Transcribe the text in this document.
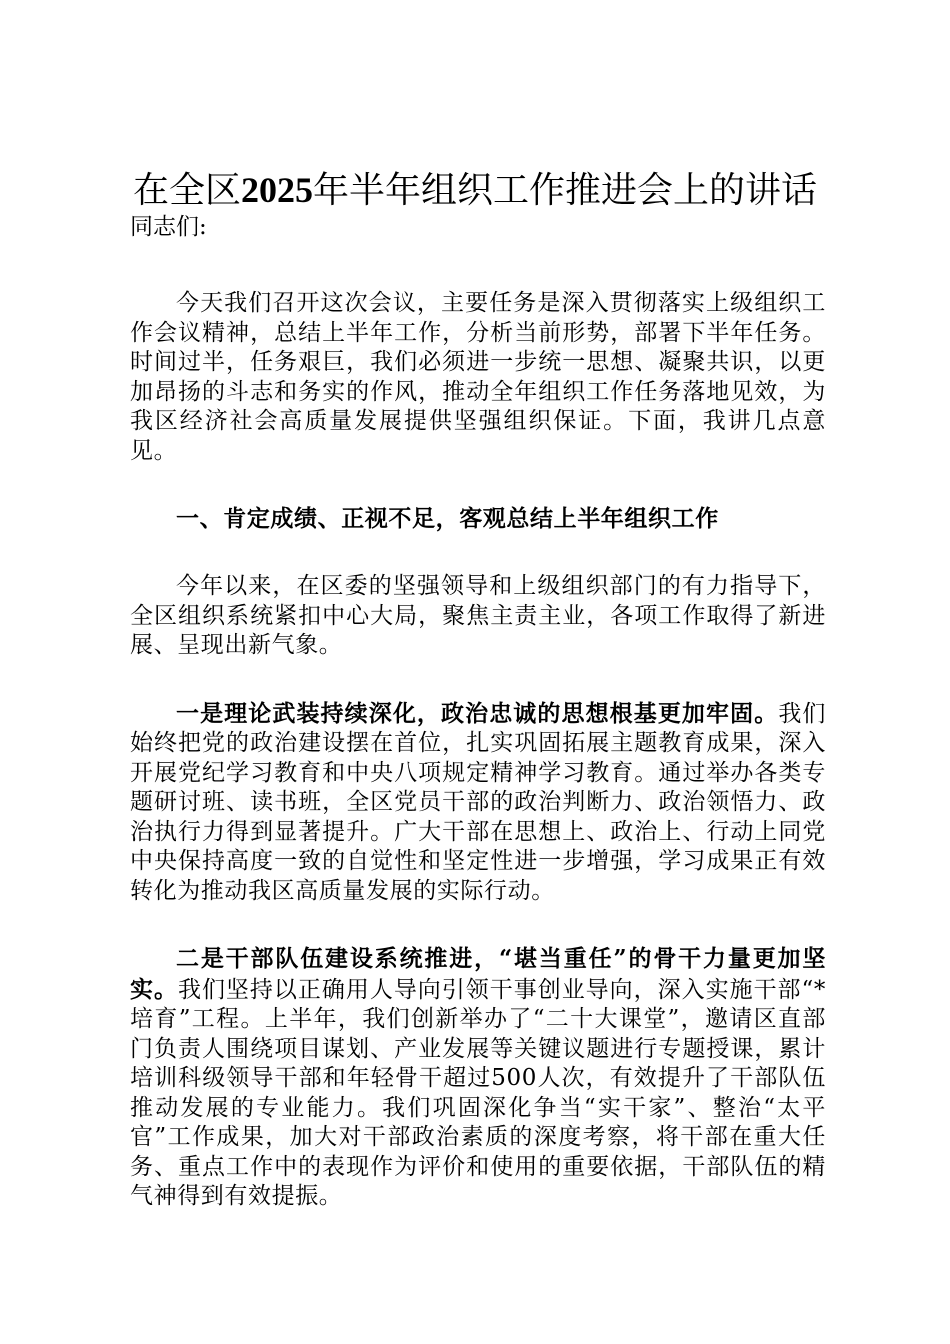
在全区2025年半年组织工作推进会上的讲话

同志们:

今天我们召开这次会议，主要任务是深入贯彻落实上级组织工作会议精神，总结上半年工作，分析当前形势，部署下半年任务。时间过半，任务艰巨，我们必须进一步统一思想、凝聚共识，以更加昂扬的斗志和务实的作风，推动全年组织工作任务落地见效，为我区经济社会高质量发展提供坚强组织保证。下面，我讲几点意见。

一、肯定成绩、正视不足，客观总结上半年组织工作

今年以来，在区委的坚强领导和上级组织部门的有力指导下，全区组织系统紧扣中心大局，聚焦主责主业，各项工作取得了新进展、呈现出新气象。

一是理论武装持续深化，政治忠诚的思想根基更加牢固。我们始终把党的政治建设摆在首位，扎实巩固拓展主题教育成果，深入开展党纪学习教育和中央八项规定精神学习教育。通过举办各类专题研讨班、读书班，全区党员干部的政治判断力、政治领悟力、政治执行力得到显著提升。广大干部在思想上、政治上、行动上同党中央保持高度一致的自觉性和坚定性进一步增强，学习成果正有效转化为推动我区高质量发展的实际行动。

二是干部队伍建设系统推进，“堪当重任”的骨干力量更加坚实。我们坚持以正确用人导向引领干事创业导向，深入实施干部“*培育”工程。上半年，我们创新举办了“二十大课堂”，邀请区直部门负责人围绕项目谋划、产业发展等关键议题进行专题授课，累计培训科级领导干部和年轻骨干超过500人次，有效提升了干部队伍推动发展的专业能力。我们巩固深化争当“实干家”、整治“太平官”工作成果，加大对干部政治素质的深度考察，将干部在重大任务、重点工作中的表现作为评价和使用的重要依据，干部队伍的精气神得到有效提振。
